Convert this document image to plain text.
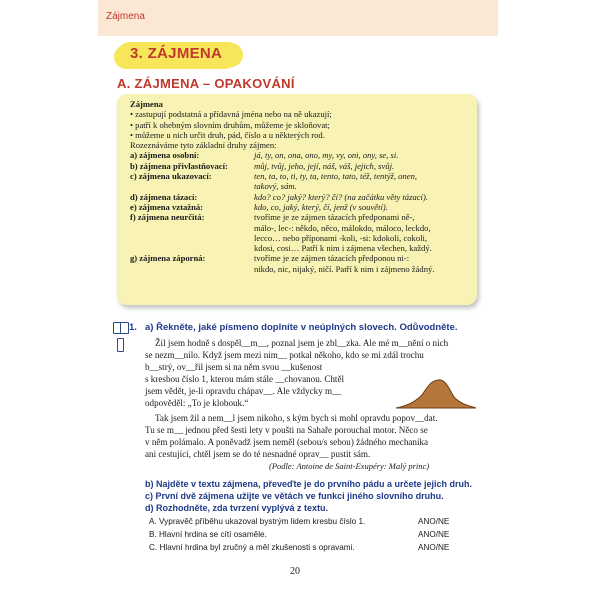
Zájmena
3. ZÁJMENA
A. ZÁJMENA – OPAKOVÁNÍ
Zájmena
• zastupují podstatná a přídavná jména nebo na ně ukazují;
• patří k ohebným slovním druhům, můžeme je skloňovat;
• můžeme u nich určit druh, pád, číslo a u některých rod.
Rozeznáváme tyto základní druhy zájmen:
a) zájmena osobní:	já, ty, on, ona, ono, my, vy, oni, ony, se, si.
b) zájmena přivlastňovací:	můj, tvůj, jeho, její, náš, váš, jejich, svůj.
c) zájmena ukazovací:	ten, ta, to, ti, ty, ta, tento, tato, též, tentýž, onen,
takový, sám.
d) zájmena tázací:	kdo? co? jaký? který? čí? (na začátku věty tázací).
e) zájmena vztažná:	kdo, co, jaký, který, čí, jenž (v souvětí).
f) zájmena neurčitá:	tvoříme je ze zájmen tázacích předponami ně-,
málo-, lec-: někdo, něco, málokdo, máloco, leckdo,
lecco… nebo příponami -koli, -si: kdokoli, cokoli,
kdosi, cosi… Patří k nim i zájmena všechen, každý.
g) zájmena záporná:	tvoříme je ze zájmen tázacích předponou ni-:
nikdo, nic, nijaký, ničí. Patří k nim i zájmeno žádný.
1. a) Řekněte, jaké písmeno doplníte v neúplných slovech. Odůvodněte.
Žil jsem hodně s dospěl__m__, poznal jsem je zbl__zka. Ale mé m__nění o nich
se nezm__nilo. Když jsem mezi nim__ potkal někoho, kdo se mi zdál trochu
b__strý, ov__řil jsem si na něm svou __kušenost
s kresbou číslo 1, kterou mám stále __chovanou. Chtěl
jsem vědět, je-li opravdu chápav__. Ale vždycky m__
odpověděl: „To je klobouk.“
Tak jsem žil a nem__l jsem nikoho, s kým bych si mohl opravdu popov__dat.
Tu se m__ jednou před šesti lety v poušti na Sahaře porouchal motor. Něco se
v něm polámalo. A poněvadž jsem neměl (sebou/s sebou) žádného mechanika
ani cestující, chtěl jsem se do té nesnadné oprav__ pustit sám.
(Podle: Antoine de Saint-Exupéry: Malý princ)
b) Najděte v textu zájmena, převeďte je do prvního pádu a určete jejich druh.
c) První dvě zájmena užijte ve větách ve funkci jiného slovního druhu.
d) Rozhodněte, zda tvrzení vyplývá z textu.
A. Vypravěč příběhu ukazoval bystrým lidem kresbu číslo 1.	ANO/NE
B. Hlavní hrdina se cítí osaměle.	ANO/NE
C. Hlavní hrdina byl zručný a měl zkušenosti s opravami.	ANO/NE
20
